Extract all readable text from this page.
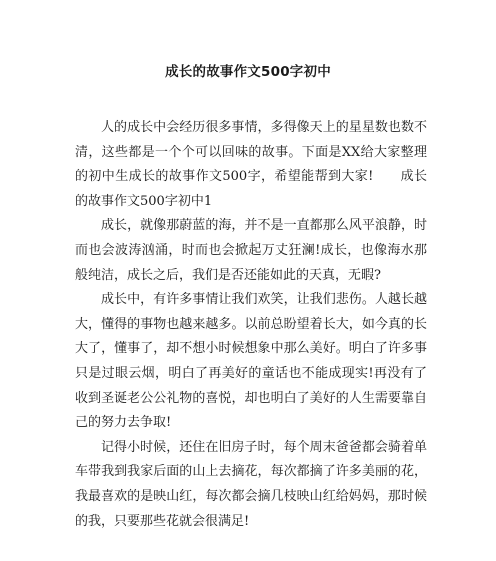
成长的故事作文500字初中

人的成长中会经历很多事情，多得像天上的星星数也数不清，这些都是一个个可以回味的故事。下面是XX给大家整理的初中生成长的故事作文500字，希望能帮到大家!　　成长的故事作文500字初中1

成长，就像那蔚蓝的海，并不是一直都那么风平浪静，时而也会波涛汹涌，时而也会掀起万丈狂澜!成长，也像海水那般纯洁，成长之后，我们是否还能如此的天真，无暇?

成长中，有许多事情让我们欢笑，让我们悲伤。人越长越大，懂得的事物也越来越多。以前总盼望着长大，如今真的长大了，懂事了，却不想小时候想象中那么美好。明白了许多事只是过眼云烟，明白了再美好的童话也不能成现实!再没有了收到圣诞老公公礼物的喜悦，却也明白了美好的人生需要靠自己的努力去争取!

记得小时候，还住在旧房子时，每个周末爸爸都会骑着单车带我到我家后面的山上去摘花，每次都摘了许多美丽的花，我最喜欢的是映山红，每次都会摘几枝映山红给妈妈，那时候的我，只要那些花就会很满足!
